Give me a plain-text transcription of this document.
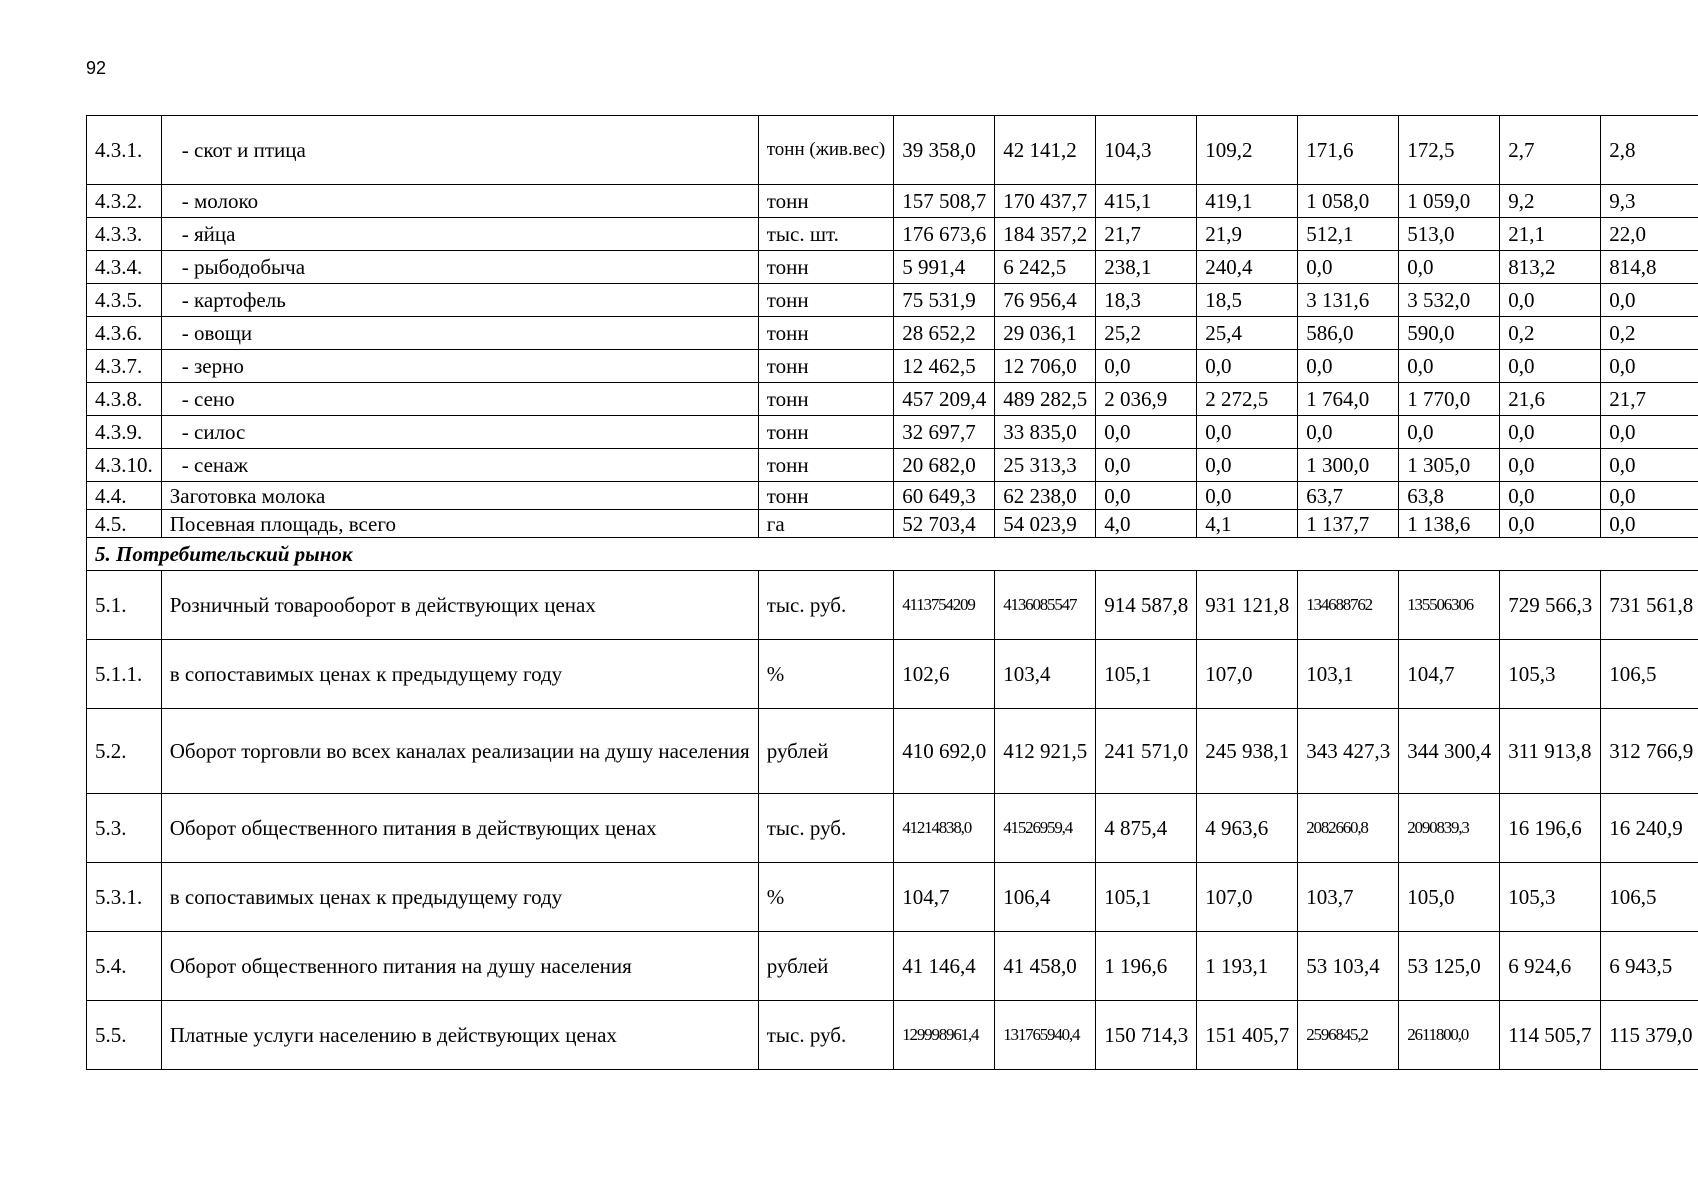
92
4.3.1.	- скот и птица	тонн (жив.вес)	39 358,0	42 141,2	104,3	109,2	171,6	172,5	2,7	2,8
4.3.2.	- молоко	тонн	157 508,7	170 437,7	415,1	419,1	1 058,0	1 059,0	9,2	9,3
4.3.3.	- яйца	тыс. шт.	176 673,6	184 357,2	21,7	21,9	512,1	513,0	21,1	22,0
4.3.4.	- рыбодобыча	тонн	5 991,4	6 242,5	238,1	240,4	0,0	0,0	813,2	814,8
4.3.5.	- картофель	тонн	75 531,9	76 956,4	18,3	18,5	3 131,6	3 532,0	0,0	0,0
4.3.6.	- овощи	тонн	28 652,2	29 036,1	25,2	25,4	586,0	590,0	0,2	0,2
4.3.7.	- зерно	тонн	12 462,5	12 706,0	0,0	0,0	0,0	0,0	0,0	0,0
4.3.8.	- сено	тонн	457 209,4	489 282,5	2 036,9	2 272,5	1 764,0	1 770,0	21,6	21,7
4.3.9.	- силос	тонн	32 697,7	33 835,0	0,0	0,0	0,0	0,0	0,0	0,0
4.3.10.	- сенаж	тонн	20 682,0	25 313,3	0,0	0,0	1 300,0	1 305,0	0,0	0,0
4.4.	Заготовка молока	тонн	60 649,3	62 238,0	0,0	0,0	63,7	63,8	0,0	0,0
4.5.	Посевная площадь, всего	га	52 703,4	54 023,9	4,0	4,1	1 137,7	1 138,6	0,0	0,0
5. Потребительский рынок										
5.1.	Розничный товарооборот в действующих ценах	тыс. руб.	4113754209	4136085547	914 587,8	931 121,8	134688762	135506306	729 566,3	731 561,8
5.1.1.	в сопоставимых ценах к предыдущему году	%	102,6	103,4	105,1	107,0	103,1	104,7	105,3	106,5
5.2.	Оборот торговли во всех каналах реализации на душу населения	рублей	410 692,0	412 921,5	241 571,0	245 938,1	343 427,3	344 300,4	311 913,8	312 766,9
5.3.	Оборот общественного питания в действующих ценах	тыс. руб.	41214838,0	41526959,4	4 875,4	4 963,6	2082660,8	2090839,3	16 196,6	16 240,9
5.3.1.	в сопоставимых ценах к предыдущему году	%	104,7	106,4	105,1	107,0	103,7	105,0	105,3	106,5
5.4.	Оборот общественного питания на душу населения	рублей	41 146,4	41 458,0	1 196,6	1 193,1	53 103,4	53 125,0	6 924,6	6 943,5
5.5.	Платные услуги населению в действующих ценах	тыс. руб.	129998961,4	131765940,4	150 714,3	151 405,7	2596845,2	2611800,0	114 505,7	115 379,0
